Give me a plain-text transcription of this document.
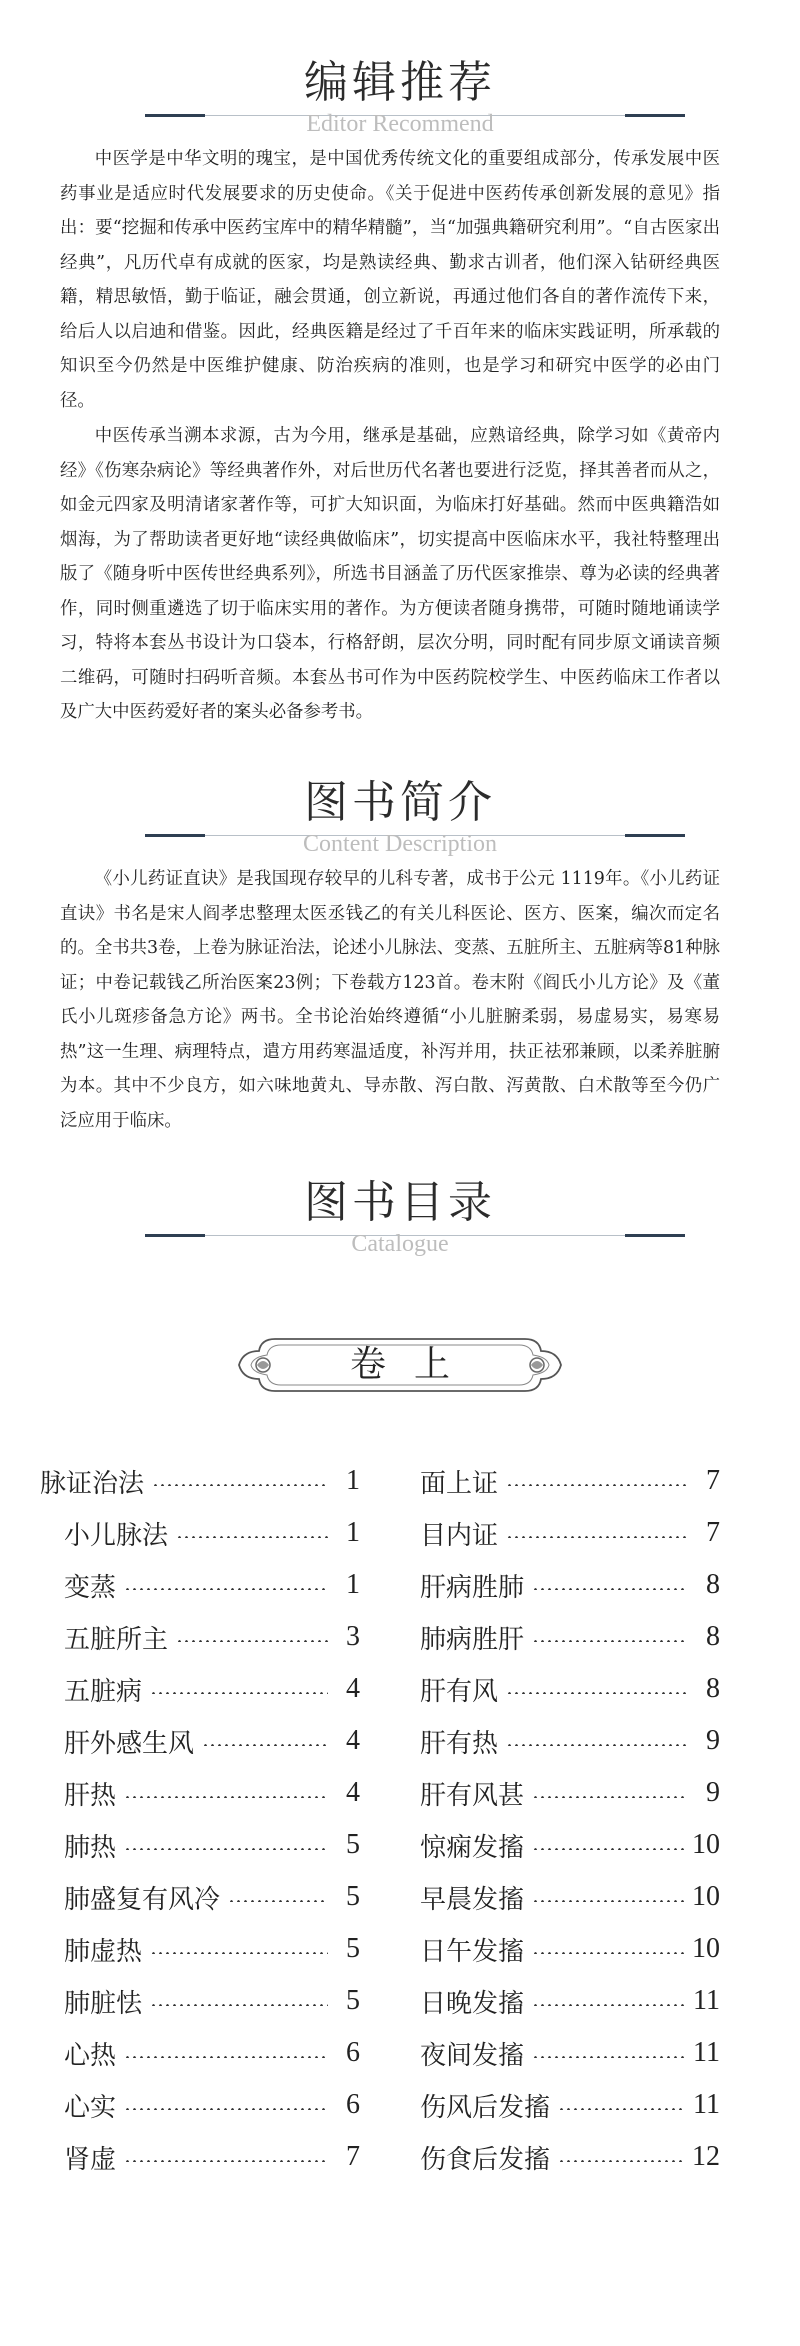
编辑推荐
Editor Recommend

中医学是中华文明的瑰宝，是中国优秀传统文化的重要组成部分，传承发展中医药事业是适应时代发展要求的历史使命。《关于促进中医药传承创新发展的意见》指出：要“挖掘和传承中医药宝库中的精华精髓”，当“加强典籍研究利用”。“自古医家出经典”，凡历代卓有成就的医家，均是熟读经典、勤求古训者，他们深入钻研经典医籍，精思敏悟，勤于临证，融会贯通，创立新说，再通过他们各自的著作流传下来，给后人以启迪和借鉴。因此，经典医籍是经过了千百年来的临床实践证明，所承载的知识至今仍然是中医维护健康、防治疾病的准则，也是学习和研究中医学的必由门径。

中医传承当溯本求源，古为今用，继承是基础，应熟谙经典，除学习如《黄帝内经》《伤寒杂病论》等经典著作外，对后世历代名著也要进行泛览，择其善者而从之，如金元四家及明清诸家著作等，可扩大知识面，为临床打好基础。然而中医典籍浩如烟海，为了帮助读者更好地“读经典做临床”，切实提高中医临床水平，我社特整理出版了《随身听中医传世经典系列》，所选书目涵盖了历代医家推崇、尊为必读的经典著作，同时侧重遴选了切于临床实用的著作。为方便读者随身携带，可随时随地诵读学习，特将本套丛书设计为口袋本，行格舒朗，层次分明，同时配有同步原文诵读音频二维码，可随时扫码听音频。本套丛书可作为中医药院校学生、中医药临床工作者以及广大中医药爱好者的案头必备参考书。

图书简介
Content Description

《小儿药证直诀》是我国现存较早的儿科专著，成书于公元 1119年。《小儿药证直诀》书名是宋人阎孝忠整理太医丞钱乙的有关儿科医论、医方、医案，编次而定名的。全书共3卷，上卷为脉证治法，论述小儿脉法、变蒸、五脏所主、五脏病等81种脉证；中卷记载钱乙所治医案23例；下卷载方123首。卷末附《阎氏小儿方论》及《董氏小儿斑疹备急方论》两书。全书论治始终遵循“小儿脏腑柔弱，易虚易实，易寒易热”这一生理、病理特点，遣方用药寒温适度，补泻并用，扶正祛邪兼顾，以柔养脏腑为本。其中不少良方，如六味地黄丸、导赤散、泻白散、泻黄散、白术散等至今仍广泛应用于临床。

图书目录
Catalogue
卷上
脉证治法	1
小儿脉法	1
变蒸	1
五脏所主	3
五脏病	4
肝外感生风	4
肝热	4
肺热	5
肺盛复有风冷	5
肺虚热	5
肺脏怯	5
心热	6
心实	6
肾虚	7
面上证	7
目内证	7
肝病胜肺	8
肺病胜肝	8
肝有风	8
肝有热	9
肝有风甚	9
惊痫发搐	10
早晨发搐	10
日午发搐	10
日晚发搐	11
夜间发搐	11
伤风后发搐	11
伤食后发搐	12
